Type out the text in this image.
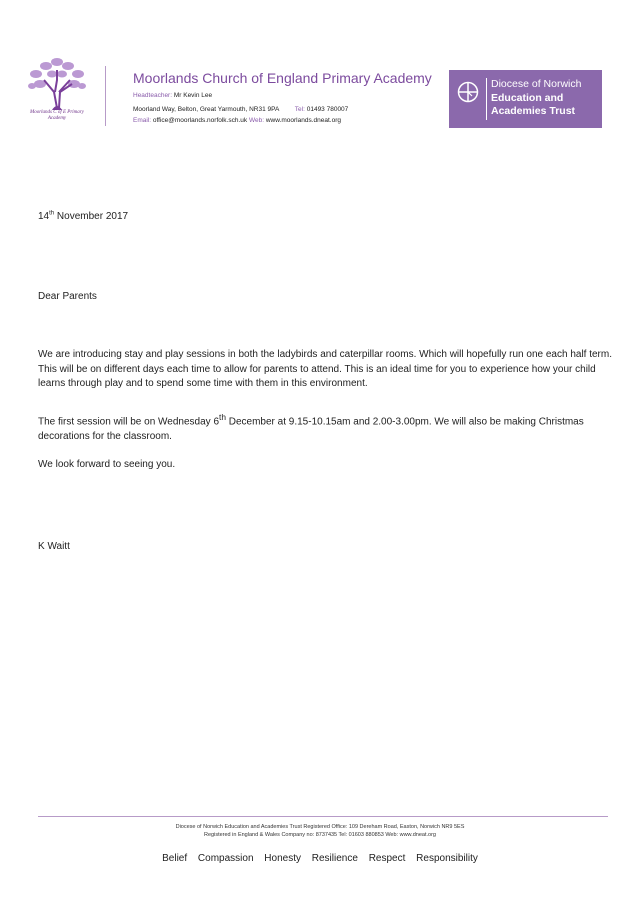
Moorlands C of E Primary Academy
Moorlands Church of England Primary Academy
Headteacher: Mr Kevin Lee
Moorland Way, Belton, Great Yarmouth, NR31 9PA Tel: 01493 780007
Email: office@moorlands.norfolk.sch.uk Web: www.moorlands.dneat.org
Diocese of Norwich
Education and
Academies Trust
14th November 2017
Dear Parents
We are introducing stay and play sessions in both the ladybirds and caterpillar rooms. Which will hopefully run one each half term. This will be on different days each time to allow for parents to attend. This is an ideal time for you to experience how your child learns through play and to spend some time with them in this environment.
The first session will be on Wednesday 6th December at 9.15-10.15am and 2.00-3.00pm. We will also be making Christmas decorations for the classroom.
We look forward to seeing you.
K Waitt
Diocese of Norwich Education and Academies Trust Registered Office: 109 Dereham Road, Easton, Norwich NR9 5ES
Registered in England & Wales Company no: 8737435 Tel: 01603 880853 Web: www.dneat.org
Belief Compassion Honesty Resilience Respect Responsibility
